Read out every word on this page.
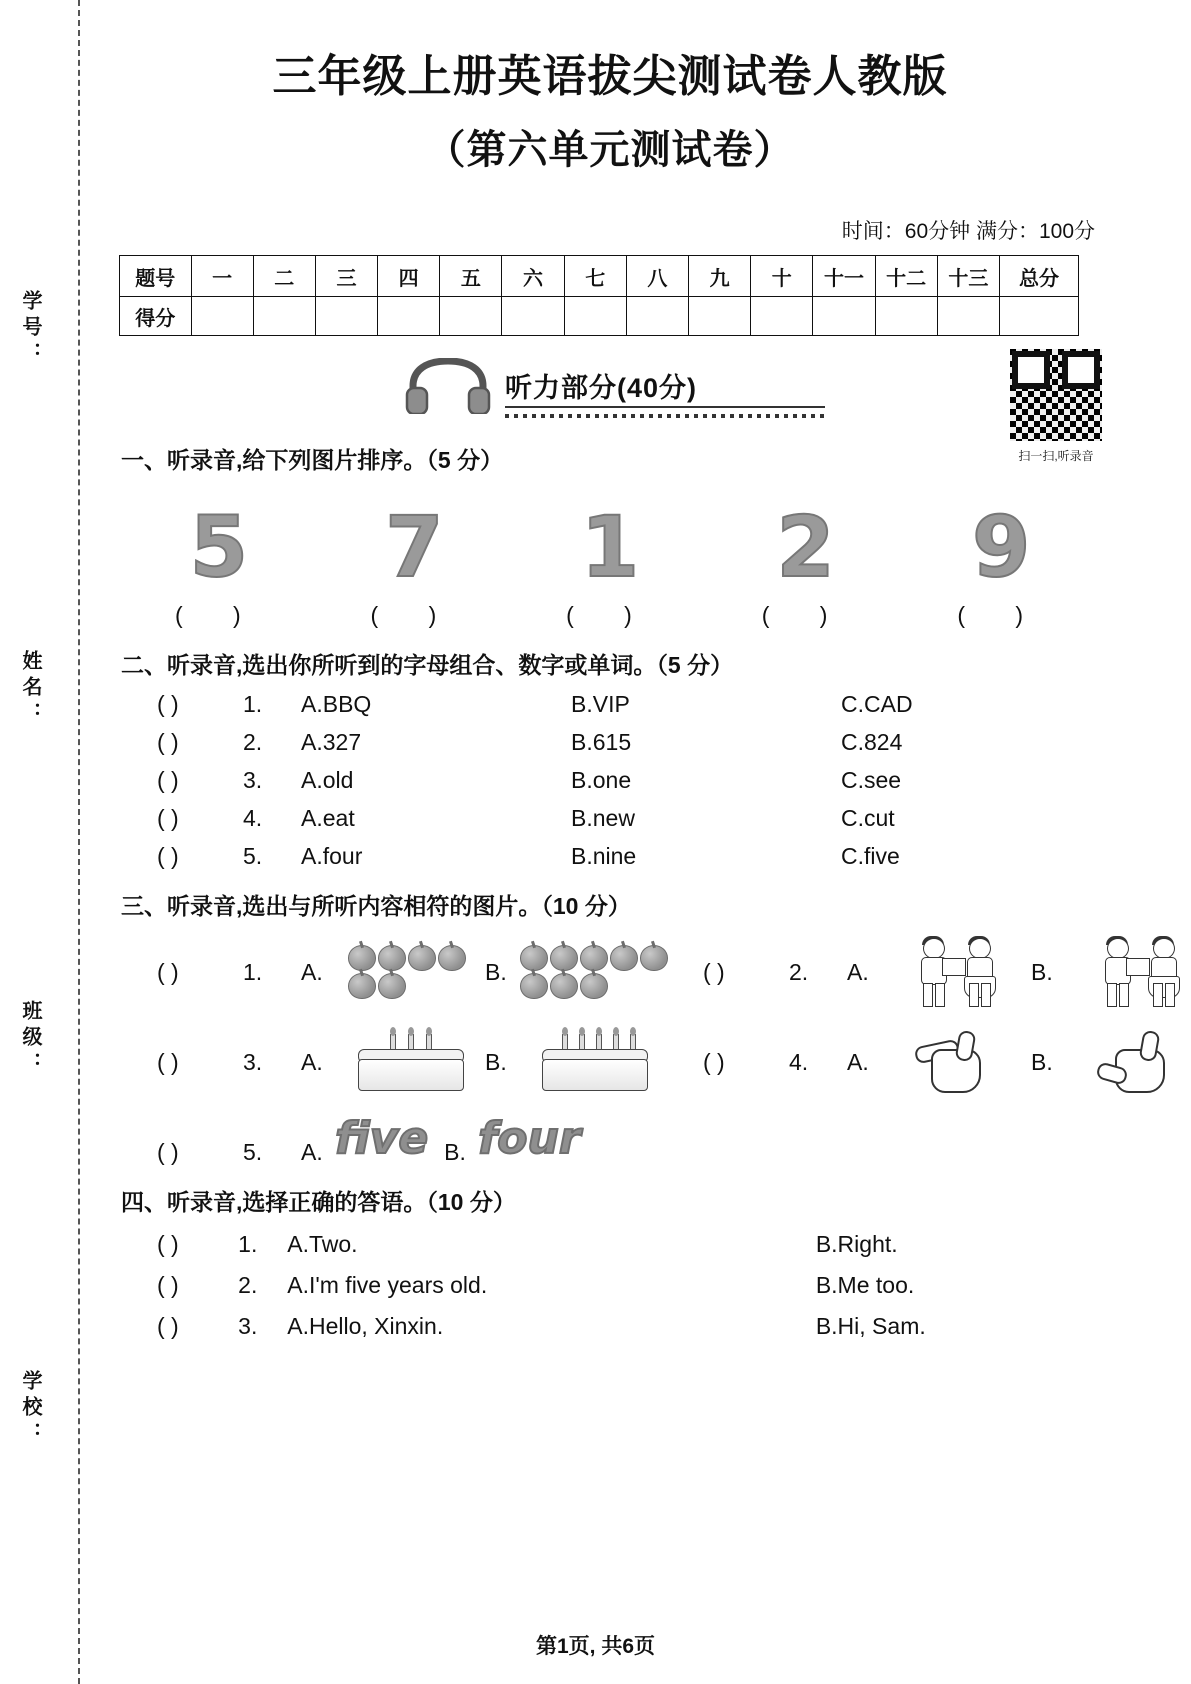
学号：
姓名：
班级：
学校：
三年级上册英语拔尖测试卷人教版
（第六单元测试卷）
时间：60分钟 满分：100分
题号	一	二	三	四	五	六	七	八	九	十	十一	十二	十三	总分
得分														
听力部分(40分)
扫一扫,听录音
一、听录音,给下列图片排序。（5 分）
5 7 1 2 9
( )	( )	( )	( )	( )
二、听录音,选出你所听到的字母组合、数字或单词。（5 分）
( )	1.	A.BBQ	B.VIP	C.CAD
( )	2.	A.327	B.615	C.824
( )	3.	A.old	B.one	C.see
( )	4.	A.eat	B.new	C.cut
( )	5.	A.four	B.nine	C.five
三、听录音,选出与所听内容相符的图片。（10 分）
( )	1.	A.	B.	( )	2.	A.	B.
( )	3.	A.	B.	( )	4.	A.	B.
( )	5.	A. five B. four
四、听录音,选择正确的答语。（10 分）
( )	1.	A.Two.	B.Right.
( )	2.	A.I'm five years old.	B.Me too.
( )	3.	A.Hello, Xinxin.	B.Hi, Sam.
第1页, 共6页
